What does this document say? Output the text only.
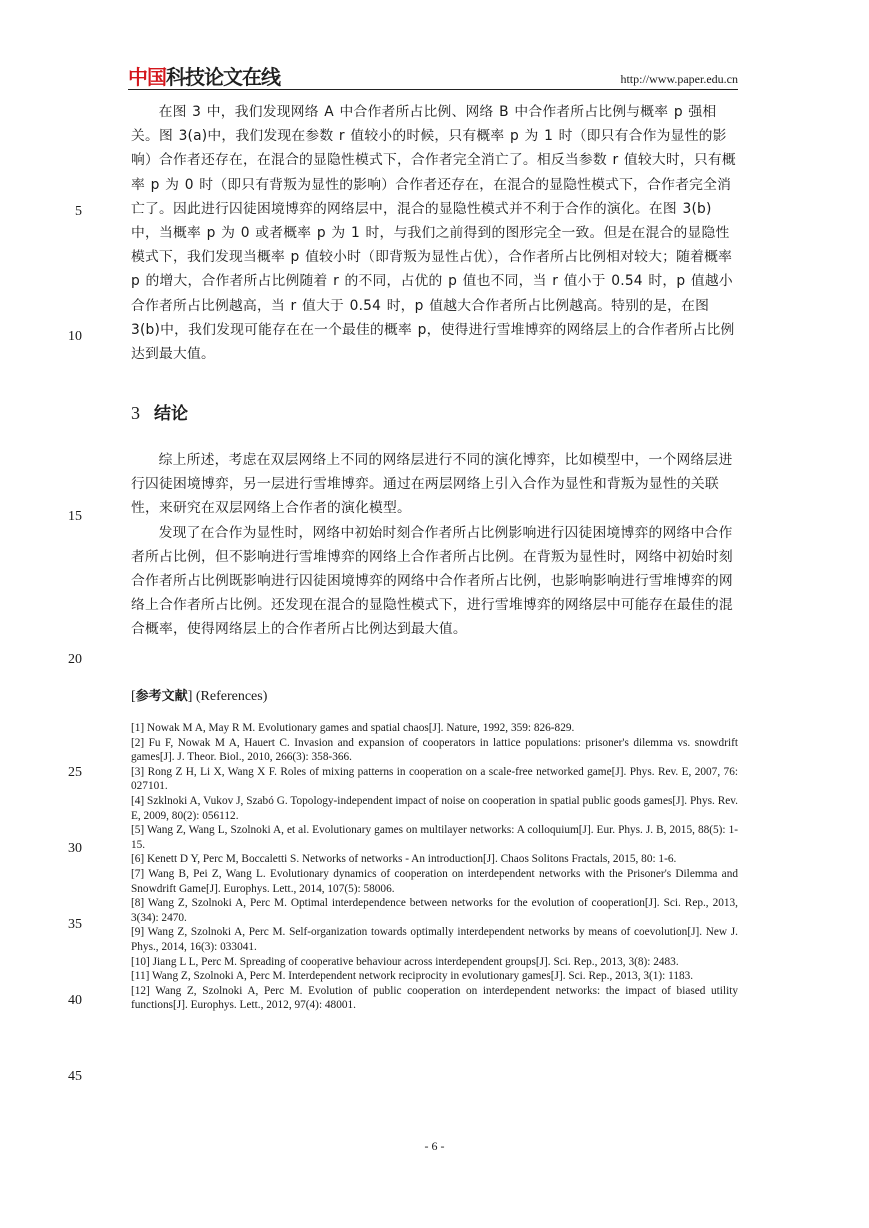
中国科技论文在线	http://www.paper.edu.cn

在图 3 中，我们发现网络 A 中合作者所占比例、网络 B 中合作者所占比例与概率 p 强相关。图 3(a)中，我们发现在参数 r 值较小的时候，只有概率 p 为 1 时（即只有合作为显性的影响）合作者还存在，在混合的显隐性模式下，合作者完全消亡了。相反当参数 r 值较大时，只有概率 p 为 0 时（即只有背叛为显性的影响）合作者还存在，在混合的显隐性模式下，合作者完全消亡了。因此进行囚徒困境博弈的网络层中，混合的显隐性模式并不利于合作的演化。在图 3(b)中，当概率 p 为 0 或者概率 p 为 1 时，与我们之前得到的图形完全一致。但是在混合的显隐性模式下，我们发现当概率 p 值较小时（即背叛为显性占优），合作者所占比例相对较大；随着概率 p 的增大，合作者所占比例随着 r 的不同，占优的 p 值也不同，当 r 值小于 0.54 时，p 值越小合作者所占比例越高，当 r 值大于 0.54 时，p 值越大合作者所占比例越高。特别的是，在图 3(b)中，我们发现可能存在在一个最佳的概率 p，使得进行雪堆博弈的网络层上的合作者所占比例达到最大值。

3 结论

综上所述，考虑在双层网络上不同的网络层进行不同的演化博弈，比如模型中，一个网络层进行囚徒困境博弈，另一层进行雪堆博弈。通过在两层网络上引入合作为显性和背叛为显性的关联性，来研究在双层网络上合作者的演化模型。

发现了在合作为显性时，网络中初始时刻合作者所占比例影响进行囚徒困境博弈的网络中合作者所占比例，但不影响进行雪堆博弈的网络上合作者所占比例。在背叛为显性时，网络中初始时刻合作者所占比例既影响进行囚徒困境博弈的网络中合作者所占比例，也影响影响进行雪堆博弈的网络上合作者所占比例。还发现在混合的显隐性模式下，进行雪堆博弈的网络层中可能存在最佳的混合概率，使得网络层上的合作者所占比例达到最大值。

[参考文献] (References)
[1] Nowak M A, May R M. Evolutionary games and spatial chaos[J]. Nature, 1992, 359: 826-829.
[2] Fu F, Nowak M A, Hauert C. Invasion and expansion of cooperators in lattice populations: prisoner's dilemma vs. snowdrift games[J]. J. Theor. Biol., 2010, 266(3): 358-366.
[3] Rong Z H, Li X, Wang X F. Roles of mixing patterns in cooperation on a scale-free networked game[J]. Phys. Rev. E, 2007, 76: 027101.
[4] Szklnoki A, Vukov J, Szabó G. Topology-independent impact of noise on cooperation in spatial public goods games[J]. Phys. Rev. E, 2009, 80(2): 056112.
[5] Wang Z, Wang L, Szolnoki A, et al. Evolutionary games on multilayer networks: A colloquium[J]. Eur. Phys. J. B, 2015, 88(5): 1-15.
[6] Kenett D Y, Perc M, Boccaletti S. Networks of networks - An introduction[J]. Chaos Solitons Fractals, 2015, 80: 1-6.
[7] Wang B, Pei Z, Wang L. Evolutionary dynamics of cooperation on interdependent networks with the Prisoner's Dilemma and Snowdrift Game[J]. Europhys. Lett., 2014, 107(5): 58006.
[8] Wang Z, Szolnoki A, Perc M. Optimal interdependence between networks for the evolution of cooperation[J]. Sci. Rep., 2013, 3(34): 2470.
[9] Wang Z, Szolnoki A, Perc M. Self-organization towards optimally interdependent networks by means of coevolution[J]. New J. Phys., 2014, 16(3): 033041.
[10] Jiang L L, Perc M. Spreading of cooperative behaviour across interdependent groups[J]. Sci. Rep., 2013, 3(8): 2483.
[11] Wang Z, Szolnoki A, Perc M. Interdependent network reciprocity in evolutionary games[J]. Sci. Rep., 2013, 3(1): 1183.
[12] Wang Z, Szolnoki A, Perc M. Evolution of public cooperation on interdependent networks: the impact of biased utility functions[J]. Europhys. Lett., 2012, 97(4): 48001.
5
10
15
20
25
30
35
40
45
- 6 -
